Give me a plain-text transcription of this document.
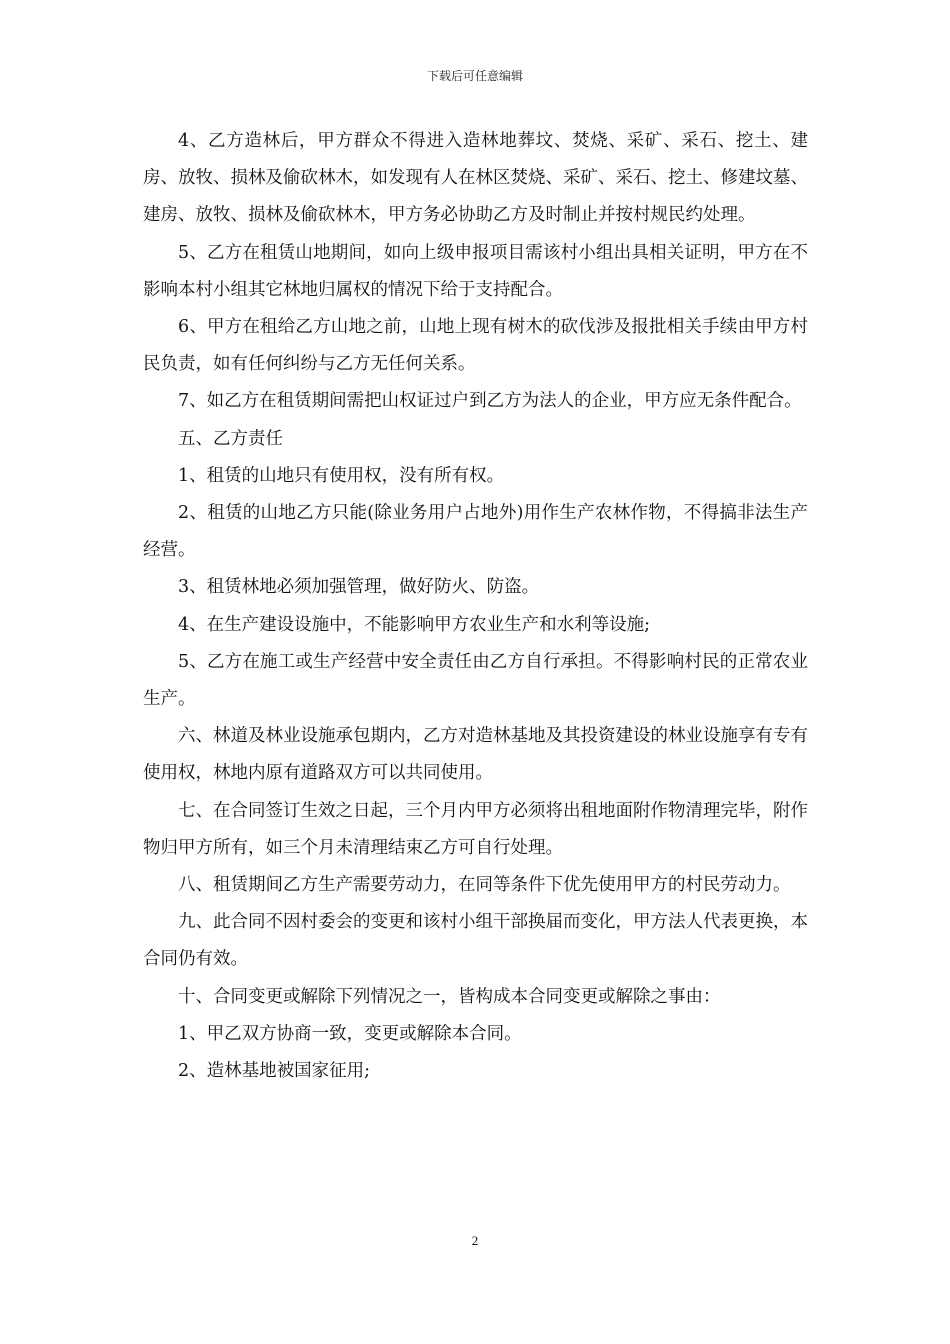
下载后可任意编辑

4、乙方造林后，甲方群众不得进入造林地葬坟、焚烧、采矿、采石、挖土、建房、放牧、损林及偷砍林木，如发现有人在林区焚烧、采矿、采石、挖土、修建坟墓、建房、放牧、损林及偷砍林木，甲方务必协助乙方及时制止并按村规民约处理。

5、乙方在租赁山地期间，如向上级申报项目需该村小组出具相关证明，甲方在不影响本村小组其它林地归属权的情况下给于支持配合。

6、甲方在租给乙方山地之前，山地上现有树木的砍伐涉及报批相关手续由甲方村民负责，如有任何纠纷与乙方无任何关系。

7、如乙方在租赁期间需把山权证过户到乙方为法人的企业，甲方应无条件配合。

五、乙方责任

1、租赁的山地只有使用权，没有所有权。

2、租赁的山地乙方只能(除业务用户占地外)用作生产农林作物，不得搞非法生产经营。

3、租赁林地必须加强管理，做好防火、防盗。

4、在生产建设设施中，不能影响甲方农业生产和水利等设施;

5、乙方在施工或生产经营中安全责任由乙方自行承担。不得影响村民的正常农业生产。

六、林道及林业设施承包期内，乙方对造林基地及其投资建设的林业设施享有专有使用权，林地内原有道路双方可以共同使用。

七、在合同签订生效之日起，三个月内甲方必须将出租地面附作物清理完毕，附作物归甲方所有，如三个月未清理结束乙方可自行处理。

八、租赁期间乙方生产需要劳动力，在同等条件下优先使用甲方的村民劳动力。

九、此合同不因村委会的变更和该村小组干部换届而变化，甲方法人代表更换，本合同仍有效。

十、合同变更或解除下列情况之一，皆构成本合同变更或解除之事由：

1、甲乙双方协商一致，变更或解除本合同。

2、造林基地被国家征用;

2
